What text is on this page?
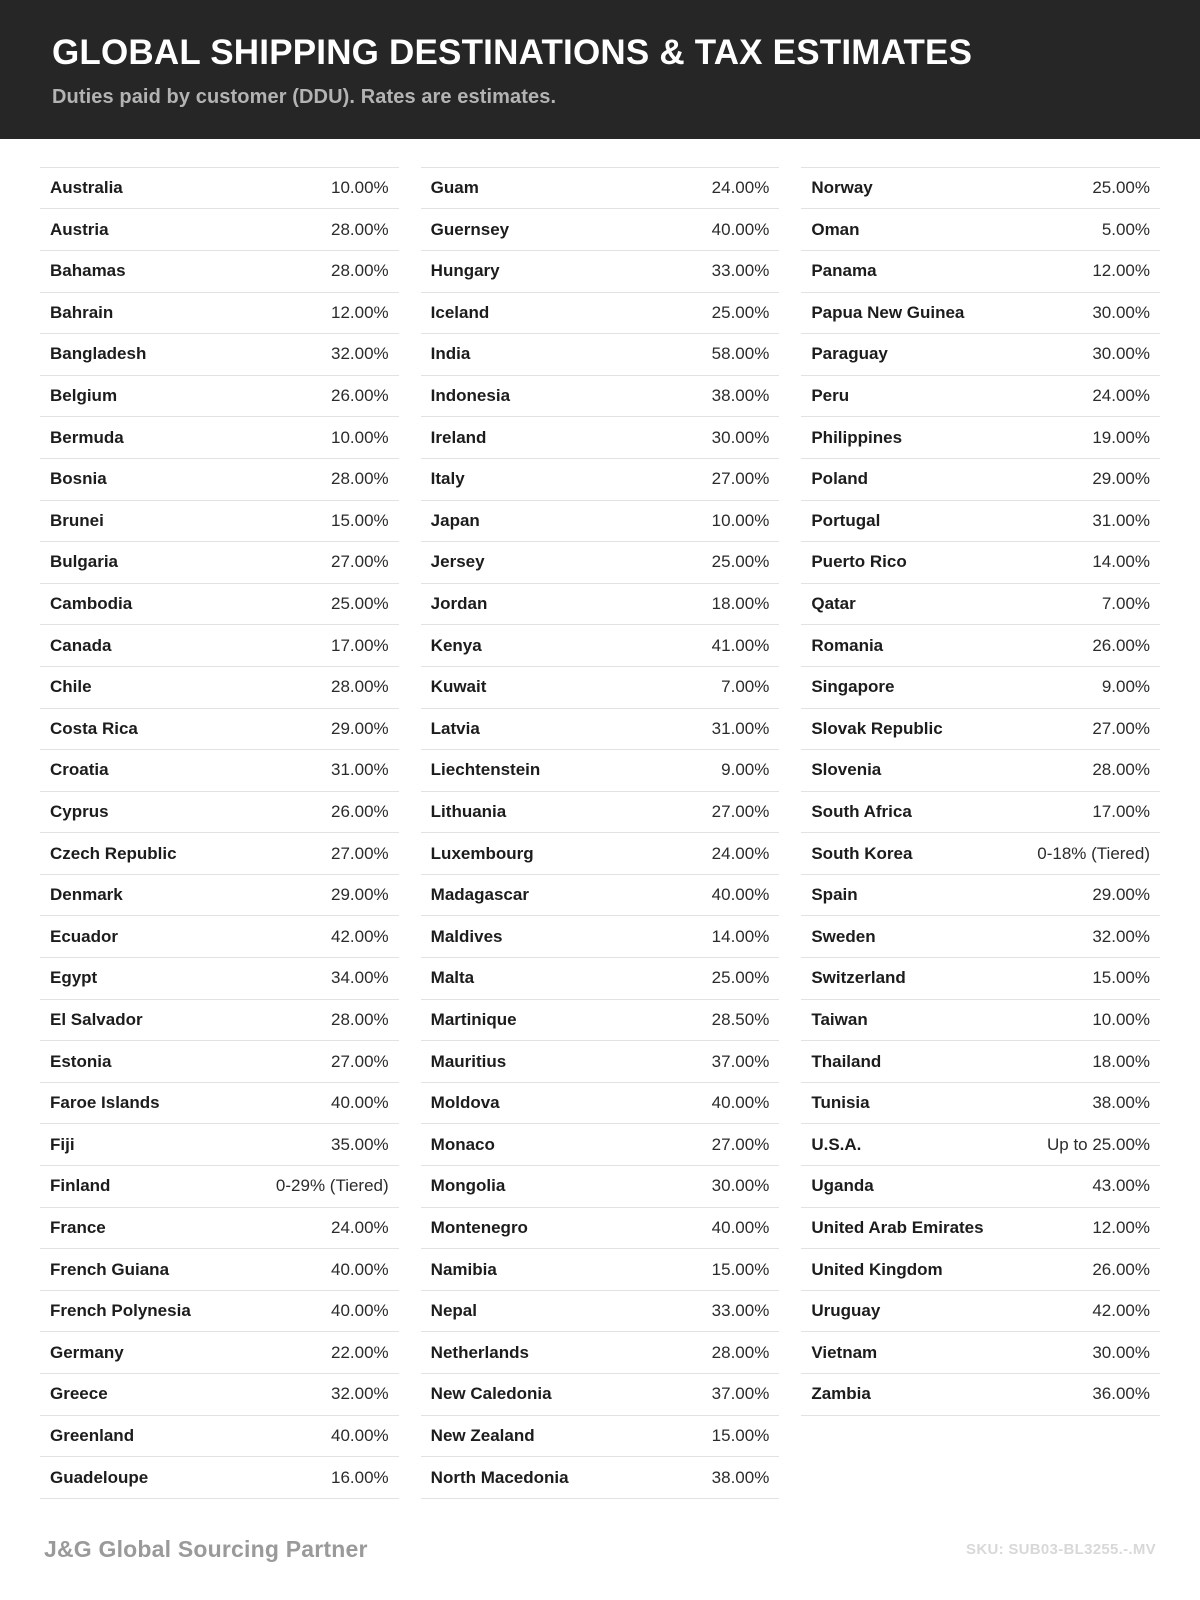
GLOBAL SHIPPING DESTINATIONS & TAX ESTIMATES
Duties paid by customer (DDU). Rates are estimates.
Australia	10.00%
Austria	28.00%
Bahamas	28.00%
Bahrain	12.00%
Bangladesh	32.00%
Belgium	26.00%
Bermuda	10.00%
Bosnia	28.00%
Brunei	15.00%
Bulgaria	27.00%
Cambodia	25.00%
Canada	17.00%
Chile	28.00%
Costa Rica	29.00%
Croatia	31.00%
Cyprus	26.00%
Czech Republic	27.00%
Denmark	29.00%
Ecuador	42.00%
Egypt	34.00%
El Salvador	28.00%
Estonia	27.00%
Faroe Islands	40.00%
Fiji	35.00%
Finland	0-29% (Tiered)
France	24.00%
French Guiana	40.00%
French Polynesia	40.00%
Germany	22.00%
Greece	32.00%
Greenland	40.00%
Guadeloupe	16.00%
Guam	24.00%
Guernsey	40.00%
Hungary	33.00%
Iceland	25.00%
India	58.00%
Indonesia	38.00%
Ireland	30.00%
Italy	27.00%
Japan	10.00%
Jersey	25.00%
Jordan	18.00%
Kenya	41.00%
Kuwait	7.00%
Latvia	31.00%
Liechtenstein	9.00%
Lithuania	27.00%
Luxembourg	24.00%
Madagascar	40.00%
Maldives	14.00%
Malta	25.00%
Martinique	28.50%
Mauritius	37.00%
Moldova	40.00%
Monaco	27.00%
Mongolia	30.00%
Montenegro	40.00%
Namibia	15.00%
Nepal	33.00%
Netherlands	28.00%
New Caledonia	37.00%
New Zealand	15.00%
North Macedonia	38.00%
Norway	25.00%
Oman	5.00%
Panama	12.00%
Papua New Guinea	30.00%
Paraguay	30.00%
Peru	24.00%
Philippines	19.00%
Poland	29.00%
Portugal	31.00%
Puerto Rico	14.00%
Qatar	7.00%
Romania	26.00%
Singapore	9.00%
Slovak Republic	27.00%
Slovenia	28.00%
South Africa	17.00%
South Korea	0-18% (Tiered)
Spain	29.00%
Sweden	32.00%
Switzerland	15.00%
Taiwan	10.00%
Thailand	18.00%
Tunisia	38.00%
U.S.A.	Up to 25.00%
Uganda	43.00%
United Arab Emirates	12.00%
United Kingdom	26.00%
Uruguay	42.00%
Vietnam	30.00%
Zambia	36.00%
J&G Global Sourcing Partner	SKU: SUB03-BL3255.-.MV
